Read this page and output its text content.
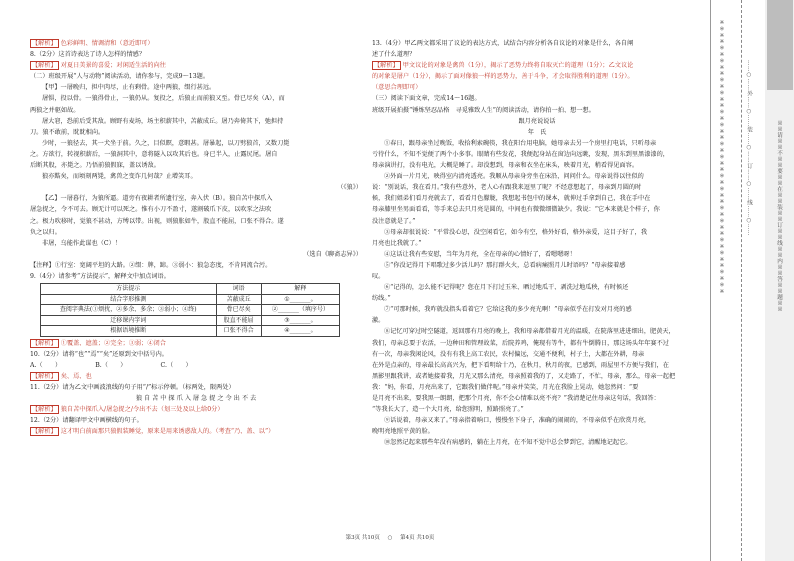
【解析】 色彩鲜明、情调清和（意近即可）
8.（2分）这首诗表达了诗人怎样的情感？
【解析】 对夏日美景的喜爱；对闲适生活的向往
（二）班级开展“人与动物”阅读活动，请你参与，完成9～13题。
【甲】一屠晚归，担中肉尽，止有剩骨。途中两狼，缀行甚远。
屠惧，投以骨。一狼得骨止，一狼仍从。复投之，后狼止而前狼又至。骨已尽矣（A），而
两狼之并驱如故。
屠大窘，恐前后受其敌。顾野有麦场，场主积薪其中，苫蔽成丘。屠乃奔倚其下，弛担持
刀。狼不敢前，眈眈相向。
少时，一狼径去，其一犬坐于前。久之，目似瞑，意暇甚。屠暴起，以刀劈狼首，又数刀毙
之。方欲行，转视积薪后，一狼洞其中，意将隧入以攻其后也。身已半入，止露尻尾。屠自
后断其股，亦毙之。乃悟前狼假寐，盖以诱敌。
狼亦黠矣，而顷刻两毙，禽兽之变诈几何哉？止增笑耳。
（《狼》）
【乙】一屠暮行，为狼所逼。道旁有夜耕者所遗行室，奔入伏（B）。狼自苫中探爪入
屠急捉之，令不可去。顾无计可以死之。惟有小刀不盈寸，遂割破爪下皮，以吹豕之法吹
之。极力吹移时，觉狼不甚动，方缚以带。出视，则狼胀如牛，股直不能屈，口张不得合。遂
负之以归。
非屠，乌能作此谋也（C）！
（选自《聊斋志异》）
【注释】①行室：宽阔平坦的大路。②缀：牌，蹄。③弱小：狼急态度，不肯同流合污。
9.（4分）请参考“方法提示”，解释文中加点词语。
方法提示	词语	解释
结合字形推测	苫蔽成丘	①_______。
查阅字典法(①烦扰，②多余、多余；③弱小；④终)	骨已尽矣	②_______（填序号）
迁移课内字词	股直不能屈	③_______。
根据语境推断	口张不得合	④_______。
【解析】 ①覆盖、遮盖；②完全；③弱；④闭合
10.（2分）请将“也”“焉”“矣”还原到文中括号内。
A.（　　）　　　　　　B.（　　）　　　　　　C.（　　）
【解析】 矣、焉、也
11.（2分）请为乙文中画波浪线的句子用“/”标示停顿。（标两处，限两处）
狼 自 苫 中 探 爪 入 屠 急 捉 之 令 出 不 去
【解析】 狼自苫中探爪入/屠急捉之/令出不去（划三处及以上给0分）
12.（2分）请翻译甲文中画横线的句子。
【解析】 这才明白前面那只狼假装睡觉，原来是用来诱惑敌人的。（考查“乃、盖、以”）
13.（4分）甲乙两文都采用了议论的表达方式，试结合内容分析各自议论的对象是什么，各自阐
述了什么道理？
【解析】 甲文议论的对象是禽兽（1分），揭示了恶势力终将自取灭亡的道理（1分）；乙文议论
的对象是屠户（1分），揭示了面对像狼一样的恶势力，善于斗争，才会取得胜利的道理（1分）。
（意思合理即可）
（三）阅读下面文章，完成14～16题。
班级开展拍摄“锤炼坚忍品格　寻觅雅致人生”的阅读活动，请你拍一拍、想一想。
跟月亮说说话
年　氏
①春日，跟母亲坐过晚饭，收拾利索碗筷，我在阳台用电脑，她母亲去另一个房里打电话，只听母亲
亏待什么，不知不觉便了两个小多事。眼睛有些发花，我便起身站在窗边向远眺，发现，黑东到里黑漆漆的，
母亲演讲打，没有电光，大概是睡了。却没想到，母亲和衣坐在床头，映着月光，稍看得见面容。
②外面一片月光，映得室内清亮透亮。我顺从母亲身旁坐在床沿，问问什么。母亲说得以往似的
说：“别说话，我在看月。”我有些意外，老人心有跟我来逗里了呢？不经意想起了，母亲到月圆的时
候，我们姐弟们看月亮就去了，看看月色朦胧，我想起书包中的课本，就伸过手拿到自己，我在手中在
母亲膝里坐男面看看，等手来总去只月亮是圆的，中间也有微微细微缺少。我说：“它本来就是个样子，你
没注意就是了。”
③母亲却很说说：“平常没心思，没空闲看它，如今有空，格外好看，格外亲爱，这目子好了，我
月亮也比我就了。”
④这话让我有些安慰，当年为月亮，全在母亲的心情好了，看嗯嗯呀！
⑤“你没记得月下唱歌过多少活儿吗？那打群火火，总看病痛照月儿时语吗？”母亲接着感
叹。
⑥“记得的，怎么能不记得呢？您在月下打过玉米、晒过地瓜干、剥洗过地瓜秧，有时候还
纺线。”
⑦“可那时候，我咋就没指头看着它？它给这我的多少亮光啊！”母亲似乎在打发对月亮的感
激。
⑧记忆可穿过时空隧道，返回那有月亮的晚上，我和母亲都借着月光的温暖，在院落里进进细出，肥黄天，
我们，母亲总要于农活，一边种田和管理故菜，后院养鸡，俺现有等牛，都有牛倒腾日，那这场头年年赛不过
有一次，母亲我闲论风，没有有我上高工农民，农村偏远，交通不便利，村子土，大都在外耕，母亲
在外是点亲的，母亲最长高高兴为，把下看明给十乃，在秋月，秋月的夜，已感到，雨屋里不方便与我们，在
黑影里跟我讲，或者她接着我，月光又那么清亮，母亲照着我的了，又走路了，不忙，母亲，那么，母亲一起把
我：“妈，你看，月亮出来了，它跟我们做伴呢。”母亲并笑笑，月光在我脸上晃动，她忽然问：“要
是月亮不出来，要我黑一朗朗，把那个月亮，你不会心情难以亮不亮？”我清楚记住母亲这句话，我回答：
“等我长大了，造一个大月亮，给您照明，照路照亮了。”
⑨话说着，母亲又来了。”母亲指着晌口，慢慢坐下身子，准确的闹闹的，不母亲似乎在欣赏月亮，
晚明亮地照平黄的脸。
⑩忽然记起来那些年没有病感的，躺在上月亮，在不知不觉中总会梦到它，清醒地记起它。
第3页 共10页 ○ 第4页 共10页
※※※※※※※※※※※※※※※※※※※※※※※※※※※※※※※※※※※※※※※※※※※	……○……外……○……装……○……订……○……线……○……	※※请※※不※※要※※在※※装※※订※※线※※内※※答※※题※※
